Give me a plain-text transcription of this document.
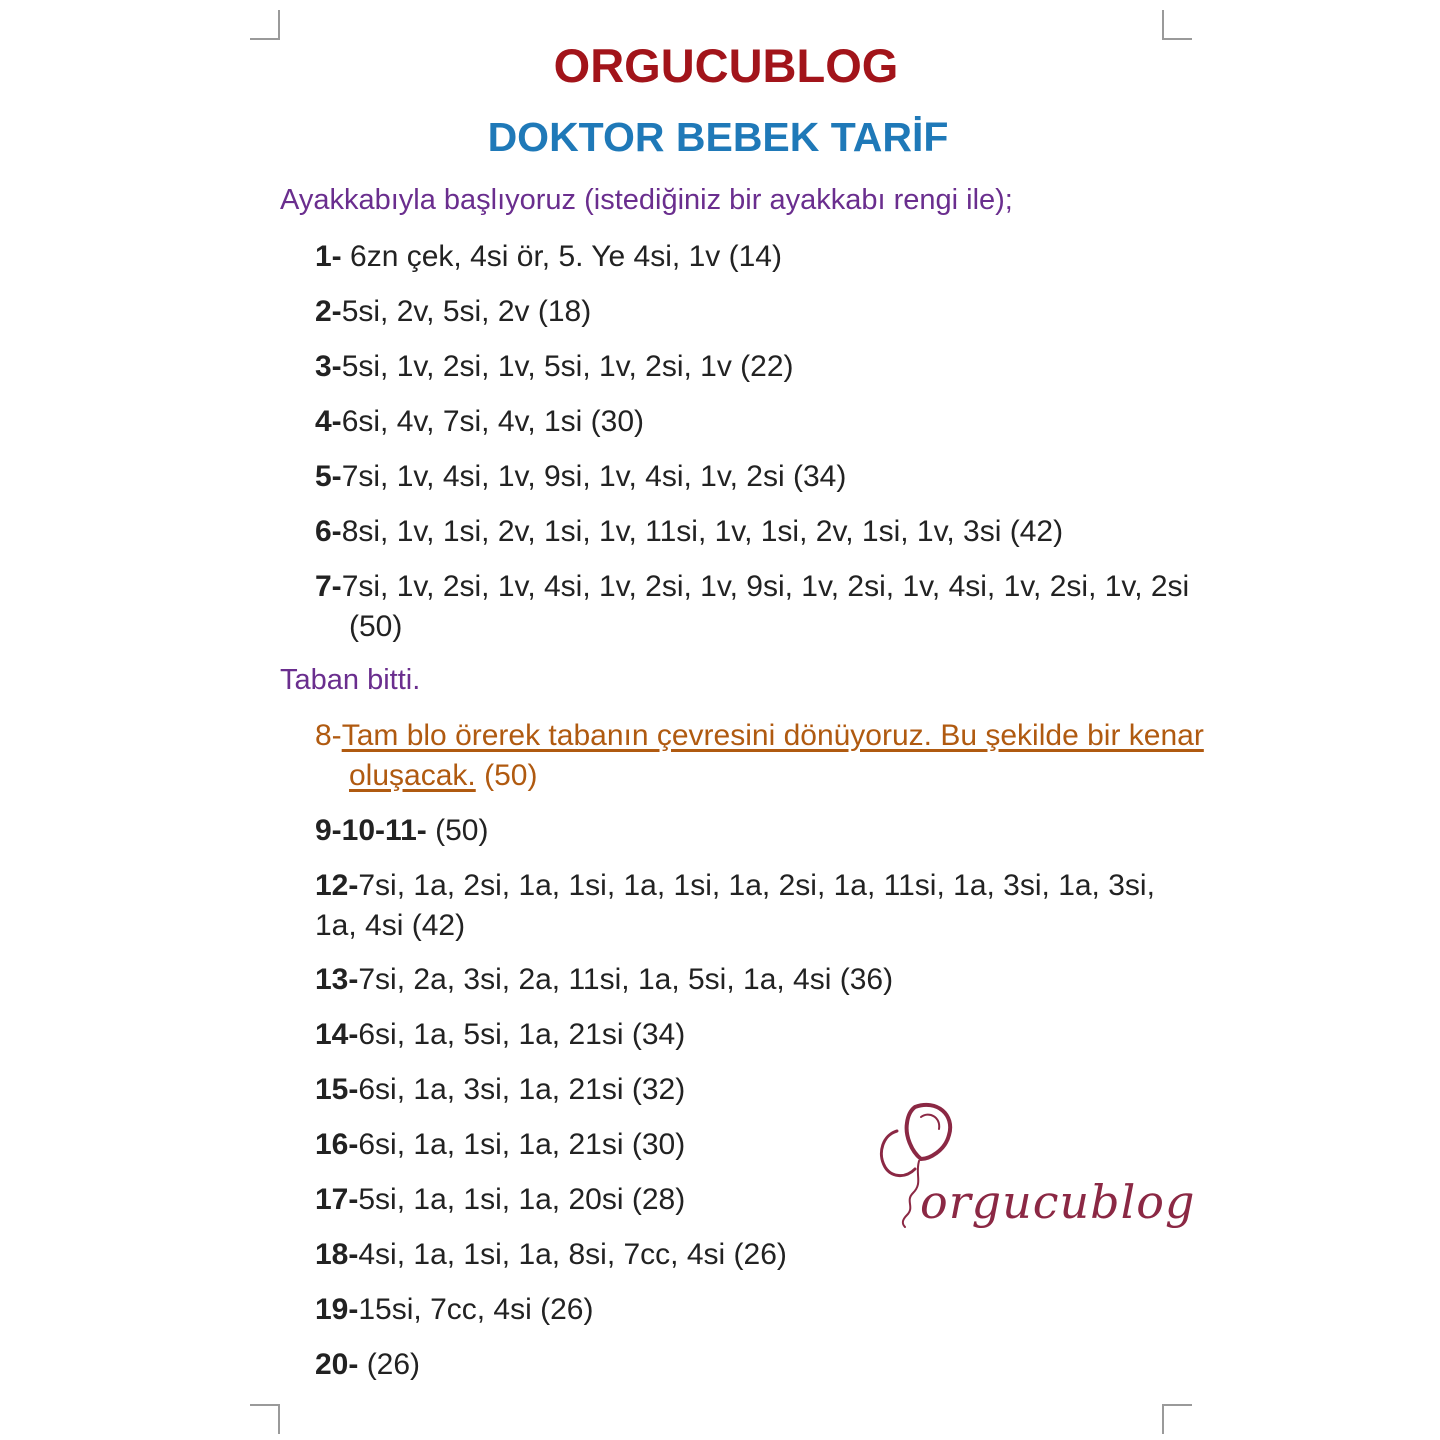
ORGUCUBLOG
DOKTOR BEBEK TARİF
Ayakkabıyla başlıyoruz (istediğiniz bir ayakkabı rengi ile);
1- 6zn çek, 4si ör, 5. Ye 4si, 1v (14)
2-5si, 2v, 5si, 2v (18)
3-5si, 1v, 2si, 1v, 5si, 1v, 2si, 1v (22)
4-6si, 4v, 7si, 4v, 1si (30)
5-7si, 1v, 4si, 1v, 9si, 1v, 4si, 1v, 2si (34)
6-8si, 1v, 1si, 2v, 1si, 1v, 11si, 1v, 1si, 2v, 1si, 1v, 3si (42)
7-7si, 1v, 2si, 1v, 4si, 1v, 2si, 1v, 9si, 1v, 2si, 1v, 4si, 1v, 2si, 1v, 2si (50)
Taban bitti.
8-Tam blo örerek tabanın çevresini dönüyoruz. Bu şekilde bir kenar oluşacak. (50)
9-10-11- (50)
12-7si, 1a, 2si, 1a, 1si, 1a, 1si, 1a, 2si, 1a, 11si, 1a, 3si, 1a, 3si, 1a, 4si (42)
13-7si, 2a, 3si, 2a, 11si, 1a, 5si, 1a, 4si (36)
14-6si, 1a, 5si, 1a, 21si (34)
15-6si, 1a, 3si, 1a, 21si (32)
16-6si, 1a, 1si, 1a, 21si (30)
17-5si, 1a, 1si, 1a, 20si (28)
18-4si, 1a, 1si, 1a, 8si, 7cc, 4si (26)
19-15si, 7cc, 4si (26)
20- (26)
orgucublog
